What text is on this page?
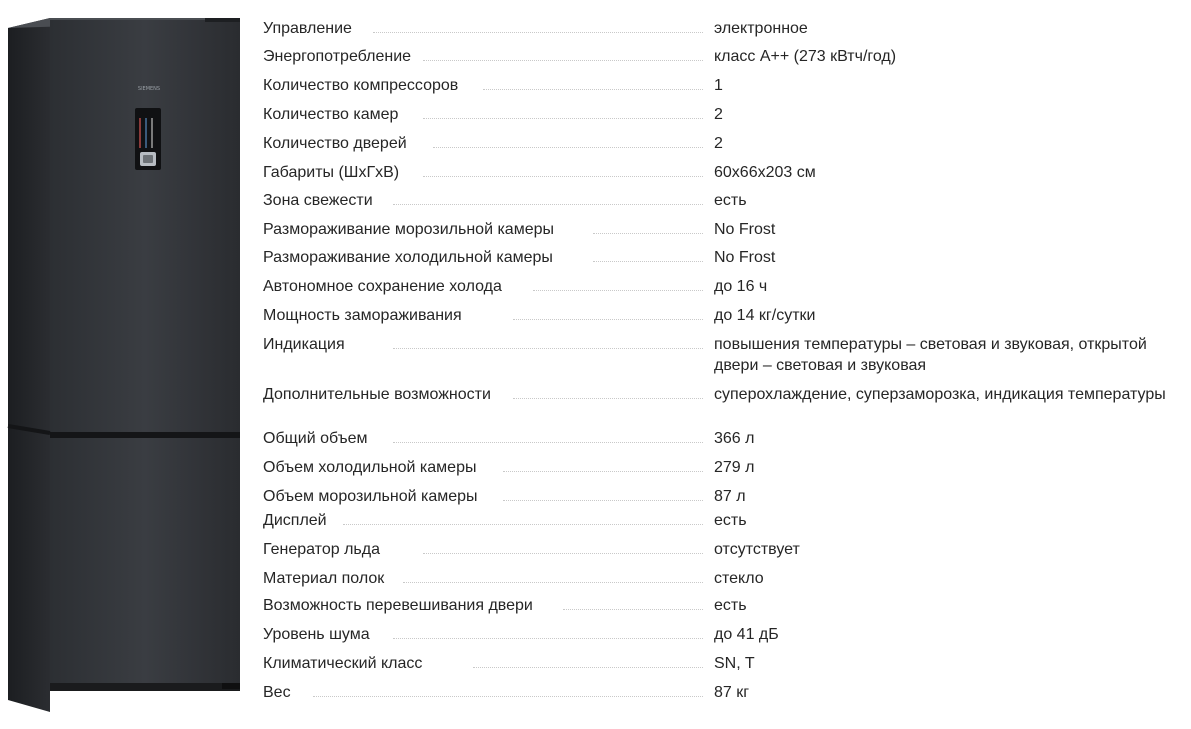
SIEMENS
Управление	электронное
Энергопотребление	класс A++ (273 кВтч/год)
Количество компрессоров	1
Количество камер	2
Количество дверей	2
Габариты (ШxГxВ)	60x66x203 см
Зона свежести	есть
Размораживание морозильной камеры	No Frost
Размораживание холодильной камеры	No Frost
Автономное сохранение холода	до 16 ч
Мощность замораживания	до 14 кг/сутки
Индикация	повышения температуры – световая и звуковая, открытой двери – световая и звуковая
Дополнительные возможности	суперохлаждение, суперзаморозка, индикация температуры
Общий объем	366 л
Объем холодильной камеры	279 л
Объем морозильной камеры	87 л
Дисплей	есть
Генератор льда	отсутствует
Материал полок	стекло
Возможность перевешивания двери	есть
Уровень шума	до 41 дБ
Климатический класс	SN, T
Вес	87 кг
